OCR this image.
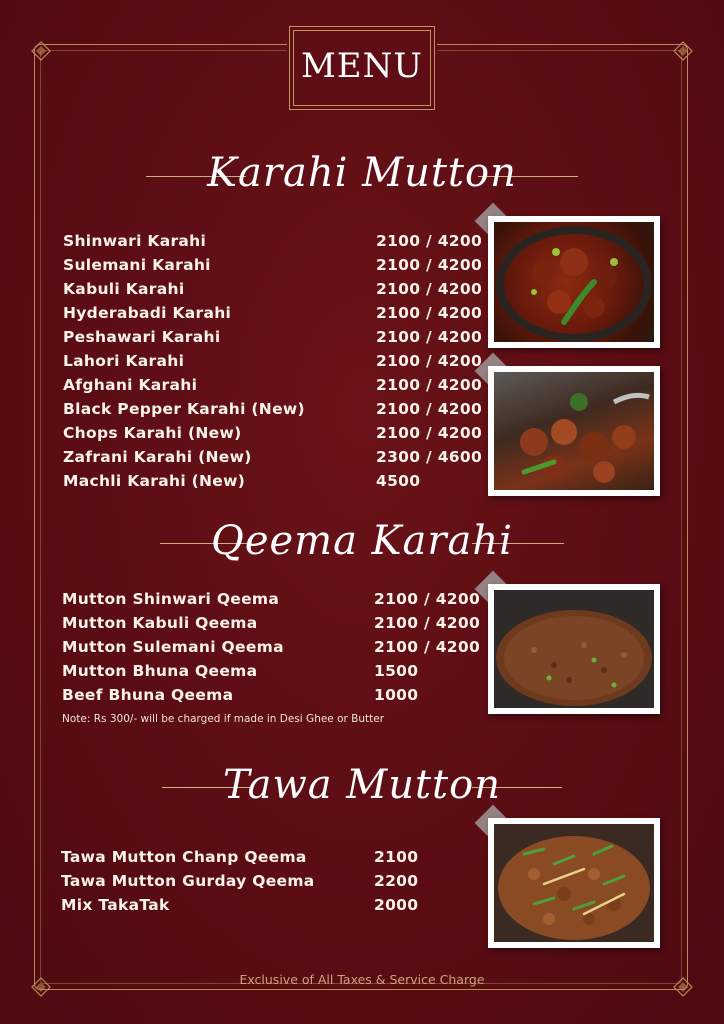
MENU
Karahi Mutton
Shinwari Karahi	2100 / 4200
Sulemani Karahi	2100 / 4200
Kabuli Karahi	2100 / 4200
Hyderabadi Karahi	2100 / 4200
Peshawari Karahi	2100 / 4200
Lahori Karahi	2100 / 4200
Afghani Karahi	2100 / 4200
Black Pepper Karahi (New)	2100 / 4200
Chops Karahi (New)	2100 / 4200
Zafrani Karahi (New)	2300 / 4600
Machli Karahi (New)	4500
Qeema Karahi
Mutton Shinwari Qeema	2100 / 4200
Mutton Kabuli Qeema	2100 / 4200
Mutton Sulemani Qeema	2100 / 4200
Mutton Bhuna Qeema	1500
Beef Bhuna Qeema	1000
Note: Rs 300/- will be charged if made in Desi Ghee or Butter
Tawa Mutton
Tawa Mutton Chanp Qeema	2100
Tawa Mutton Gurday Qeema	2200
Mix TakaTak	2000
Exclusive of All Taxes & Service Charge
